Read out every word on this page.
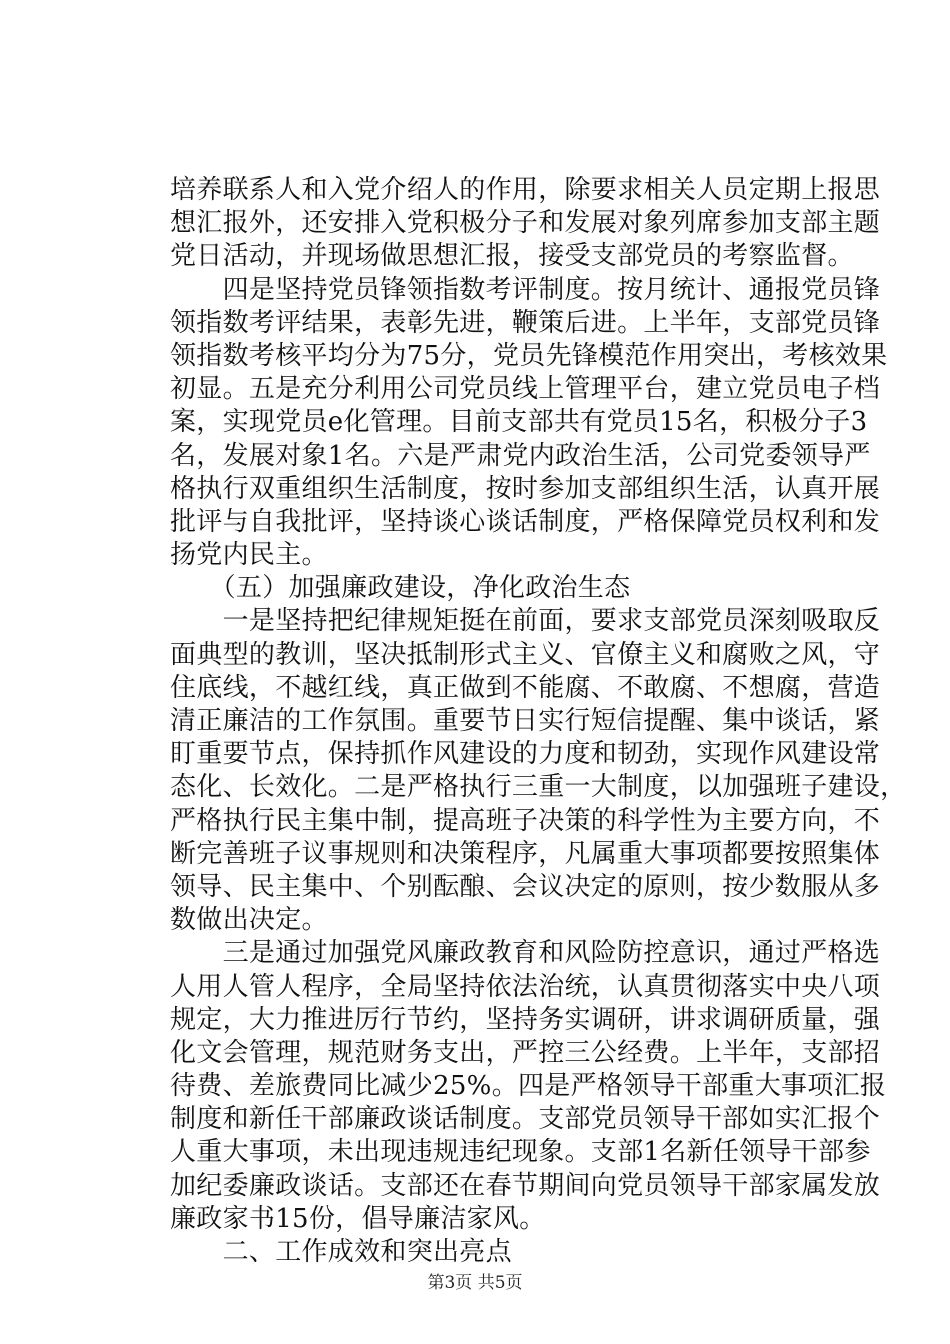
培养联系人和入党介绍人的作用，除要求相关人员定期上报思
想汇报外，还安排入党积极分子和发展对象列席参加支部主题
党日活动，并现场做思想汇报，接受支部党员的考察监督。
　　四是坚持党员锋领指数考评制度。按月统计、通报党员锋
领指数考评结果，表彰先进，鞭策后进。上半年，支部党员锋
领指数考核平均分为75分，党员先锋模范作用突出，考核效果
初显。五是充分利用公司党员线上管理平台，建立党员电子档
案，实现党员e化管理。目前支部共有党员15名，积极分子3
名，发展对象1名。六是严肃党内政治生活，公司党委领导严
格执行双重组织生活制度，按时参加支部组织生活，认真开展
批评与自我批评，坚持谈心谈话制度，严格保障党员权利和发
扬党内民主。
　　（五）加强廉政建设，净化政治生态
　　一是坚持把纪律规矩挺在前面，要求支部党员深刻吸取反
面典型的教训，坚决抵制形式主义、官僚主义和腐败之风，守
住底线，不越红线，真正做到不能腐、不敢腐、不想腐，营造
清正廉洁的工作氛围。重要节日实行短信提醒、集中谈话，紧
盯重要节点，保持抓作风建设的力度和韧劲，实现作风建设常
态化、长效化。二是严格执行三重一大制度，以加强班子建设，
严格执行民主集中制，提高班子决策的科学性为主要方向，不
断完善班子议事规则和决策程序，凡属重大事项都要按照集体
领导、民主集中、个别酝酿、会议决定的原则，按少数服从多
数做出决定。
　　三是通过加强党风廉政教育和风险防控意识，通过严格选
人用人管人程序，全局坚持依法治统，认真贯彻落实中央八项
规定，大力推进厉行节约，坚持务实调研，讲求调研质量，强
化文会管理，规范财务支出，严控三公经费。上半年，支部招
待费、差旅费同比减少25%。四是严格领导干部重大事项汇报
制度和新任干部廉政谈话制度。支部党员领导干部如实汇报个
人重大事项，未出现违规违纪现象。支部1名新任领导干部参
加纪委廉政谈话。支部还在春节期间向党员领导干部家属发放
廉政家书15份，倡导廉洁家风。
　　二、工作成效和突出亮点
第3页 共5页
